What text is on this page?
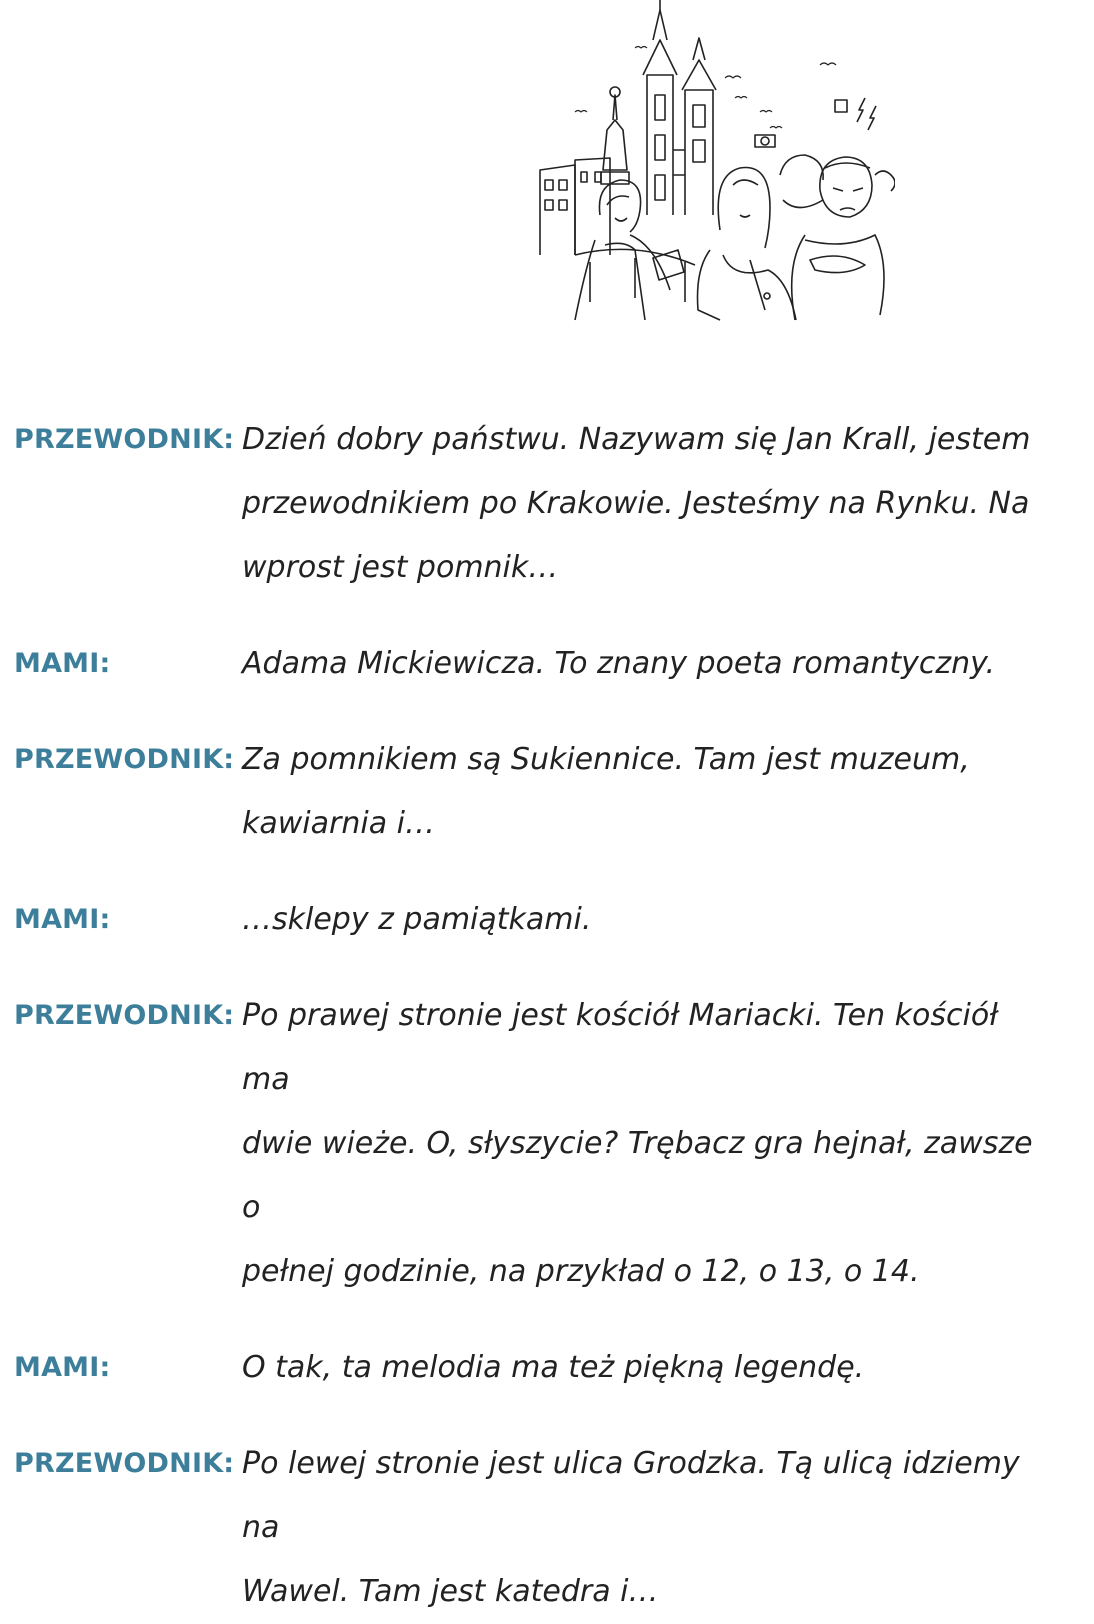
PRZEWODNIK: Dzień dobry państwu. Nazywam się Jan Krall, jestem
przewodnikiem po Krakowie. Jesteśmy na Rynku. Na
wprost jest pomnik…
MAMI:	Adama Mickiewicza. To znany poeta romantyczny.
PRZEWODNIK: Za pomnikiem są Sukiennice. Tam jest muzeum,
kawiarnia i…
MAMI:	…sklepy z pamiątkami.
PRZEWODNIK: Po prawej stronie jest kościół Mariacki. Ten kościół ma
dwie wieże. O, słyszycie? Trębacz gra hejnał, zawsze o
pełnej godzinie, na przykład o 12, o 13, o 14.
MAMI:	O tak, ta melodia ma też piękną legendę.
PRZEWODNIK: Po lewej stronie jest ulica Grodzka. Tą ulicą idziemy na
Wawel. Tam jest katedra i…
